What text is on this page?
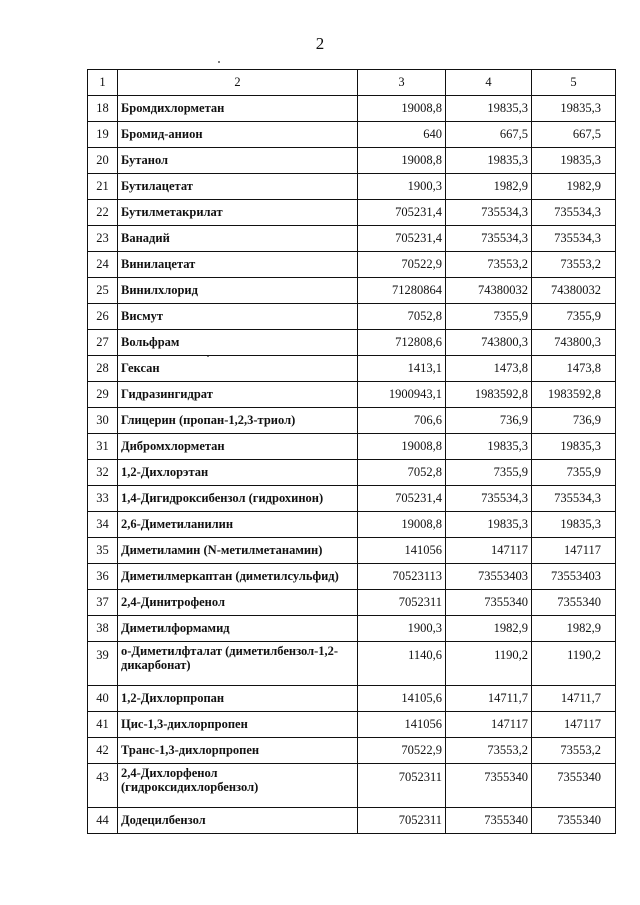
2
1	2	3	4	5
18	Бромдихлорметан	19008,8	19835,3	19835,3
19	Бромид-анион	640	667,5	667,5
20	Бутанол	19008,8	19835,3	19835,3
21	Бутилацетат	1900,3	1982,9	1982,9
22	Бутилметакрилат	705231,4	735534,3	735534,3
23	Ванадий	705231,4	735534,3	735534,3
24	Винилацетат	70522,9	73553,2	73553,2
25	Винилхлорид	71280864	74380032	74380032
26	Висмут	7052,8	7355,9	7355,9
27	Вольфрам	712808,6	743800,3	743800,3
28	Гексан	1413,1	1473,8	1473,8
29	Гидразингидрат	1900943,1	1983592,8	1983592,8
30	Глицерин (пропан-1,2,3-триол)	706,6	736,9	736,9
31	Дибромхлорметан	19008,8	19835,3	19835,3
32	1,2-Дихлорэтан	7052,8	7355,9	7355,9
33	1,4-Дигидроксибензол (гидрохинон)	705231,4	735534,3	735534,3
34	2,6-Диметиланилин	19008,8	19835,3	19835,3
35	Диметиламин (N-метилметанамин)	141056	147117	147117
36	Диметилмеркаптан (диметилсульфид)	70523113	73553403	73553403
37	2,4-Динитрофенол	7052311	7355340	7355340
38	Диметилформамид	1900,3	1982,9	1982,9
39	о-Диметилфталат (диметилбензол-1,2-дикарбонат)	1140,6	1190,2	1190,2
40	1,2-Дихлорпропан	14105,6	14711,7	14711,7
41	Цис-1,3-дихлорпропен	141056	147117	147117
42	Транс-1,3-дихлорпропен	70522,9	73553,2	73553,2
43	2,4-Дихлорфенол (гидроксидихлорбензол)	7052311	7355340	7355340
44	Додецилбензол	7052311	7355340	7355340
